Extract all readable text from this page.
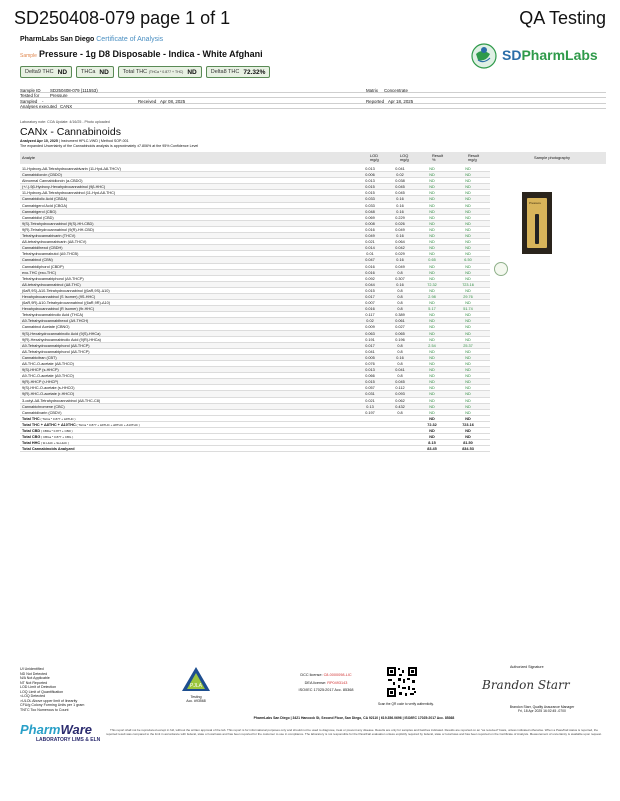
SD250408-079 page 1 of 1	QA Testing
PharmLabs San Diego Certificate of Analysis
Sample Pressure - 1g D8 Disposable - Indica - White Afghani
Delta9 THC ND	THCa ND	Total THC (THCa * 0.877 + THC) ND	Delta8 THC 72.32%
SDPharmLabs
Sample ID SD250408-079 (111553)	Matrix Concentrate
Tested for Pressure
Sampled -	Received Apr 08, 2025	Reported Apr 18, 2025
Analyses executed CANX
Laboratory note: COA Update: 4/16/25 - Photo uploaded
CANx - Cannabinoids
Analyzed Apr 10, 2025 | Instrument HPLC-VWD | Method SOP-001
The expanded Uncertainty of the Cannabinoids analysis is approximately ±7.806% at the 95% Confidence Level
Analyte	LOD

mg/g
LOQ

mg/g
Result

%
Result

mg/g	Sample photography
11-Hydroxy-Δ8-Tetrahydrocannabivarin (11-Hyd-Δ8-THCV)	0.013	0.041	ND	ND
Cannabidiorcin (CBDO)	0.006	0.02	ND	ND
Abnormal Cannabidiorcin (a-CBDO)	0.013	0.038	ND	ND
(+/-)-9β-Hydroxy-Hexahydrocannabinol (9β-HHC)	0.015	0.045	ND	ND
11-Hydroxy-Δ8-Tetrahydrocannabinol (11-Hyd-Δ8-THC)	0.015	0.045	ND	ND
Cannabidiolic Acid (CBDA)	0.033	0.16	ND	ND
Cannabigerol Acid (CBGA)	0.033	0.16	ND	ND
Cannabigerol (CBG)	0.048	0.16	ND	ND
Cannabidiol (CBD)	0.069	0.229	ND	ND
9(S)-Tetrahydrocannabinol (9(S)-HH-CBD)	0.008	0.026	ND	ND
9(R)-Tetrahydrocannabinol (9(R)-HH-CBD)	0.016	0.049	ND	ND
Tetrahydrocannabivarin (THCV)	0.049	0.16	ND	ND
Δ8-tetrahydrocannabivarin (Δ8-THCV)	0.021	0.064	ND	ND
Cannabidihexol (CBDH)	0.014	0.042	ND	ND
Tetrahydrocannabutol (Δ9-THCB)	0.01	0.029	ND	ND
Cannabinol (CBN)	0.047	0.16	0.65	6.50
Cannabidiphorol (CBDP)	0.016	0.049	ND	ND
exo-THC (exo-THC)	0.016	0.8	ND	ND
Tetrahydrocannabiphorol (Δ9-THCP)	0.092	0.307	ND	ND
Δ8-tetrahydrocannabinol (Δ8-THC)	0.044	0.16	72.32	723.16
(6aR,9S)-Δ10-Tetrahydrocannabinol ((6aR,9S)-Δ10)	0.015	0.8	ND	ND
Hexahydrocannabinol (S Isomer) (9S-HHC)	0.017	0.8	2.98	29.76
(6aR,9R)-Δ10-Tetrahydrocannabinol ((6aR,9R)-Δ10)	0.007	0.8	ND	ND
Hexahydrocannabinol (R Isomer) (9r-HHC)	0.016	0.8	5.17	51.74
Tetrahydrocannabinolic Acid (THCA)	0.117	0.389	ND	ND
Δ9-Tetrahydrocannabihexol (Δ9-THCH)	0.02	0.061	ND	ND
Cannabinol Acetate (CBNO)	0.009	0.027	ND	ND
9(S)-Hexahydrocannabinolic Acid (9(S)-HHCa)	0.063	0.065	ND	ND
9(R)-Hexahydrocannabinolic Acid (9(R)-HHCa)	0.191	0.196	ND	ND
Δ9-Tetrahydrocannabiphorol (Δ8-THCP)	0.017	0.8	2.54	25.37
Δ8-Tetrahydrocannabiphorol (Δ8-THCP)	0.041	0.8	ND	ND
Cannabicitran (CBT)	0.005	0.16	ND	ND
Δ8-THC-O-acetate (Δ8-THCO)	0.076	0.8	ND	ND
9(S)-HHCP (s-HHCP)	0.013	0.041	ND	ND
Δ9-THC-O-acetate (Δ9-THCO)	0.066	0.8	ND	ND
9(R)-HHCP (r-HHCP)	0.015	0.045	ND	ND
9(S)-HHC-O-acetate (s-HHCO)	0.057	0.112	ND	ND
9(R)-HHC-O-acetate (r-HHCO)	0.031	0.093	ND	ND
3-octyl-Δ8-Tetrahydrocannabinol (Δ8-THC-C8)	0.021	0.062	ND	ND
Cannabichromene (CBC)	0.13	0.432	ND	ND
Cannabidivarin (CBDV)	0.197	0.8	ND	ND
Total THC ( THCa * 0.877 + Δ9THC )	ND	ND
Total THC + Δ8THC + Δ10THC ( THCa * 0.877 + Δ9THC + Δ8THC + Δ10THC )	72.32	723.16
Total CBD ( CBDa * 0.877 + CBD )	ND	ND
Total CBG ( CBGa * 0.877 + CBG )	ND	ND
Total HHC ( 9r-HHC + 9s-HHC )	8.15	81.50
Total Cannabinoids Analyzed	83.45	834.53
Pressure
UI Unidentified
ND Not Detected
N/A Not Applicable
NT Not Reported
LOD Limit of Detection
LOQ Limit of Quantification
<LOQ Detected
>ULOL Above upper limit of linearity
CFU/g Colony Forming Units per 1 gram
TNTC Too Numerous to Count
PJLA
Testing
Acc. #93568
DCC license: C8-0000098-LIC
DEA license: RP0493143
ISO/IEC 17025:2017 Acc. 85368
Scan the QR code to verify authenticity.
Authorized Signature
Brandon Starr
Brandon Starr, Quality Assurance Manager
Fri, 18 Apr 2025 16:02:45 -0700
PharmLabs San Diego | 3421 Hancock St, Second Floor, San Diego, CA 92110 | 619.356.0696 | ISO/IEC 17025:2017 Acc. 85368
This report shall not be reproduced except in full, without the written approval of the lab. This report is for informational purposes only and should not be used to diagnose, treat or prevent any disease. Results are only for samples and batches indicated. Results are reported on an "as received" basis, unless indicated otherwise. When a Pass/Fail status is reported, the reported result was compared to the limit in accordance with federal, state or local laws and has been reported for the customer to use in compliance. The laboratory is not responsible for the Pass/Fail evaluation unless explicitly required by federal, state or local laws and has been reported on the Certificate of Analysis. Measurement of uncertainty is available upon request.
PharmWare
LABORATORY LIMS & ELN
